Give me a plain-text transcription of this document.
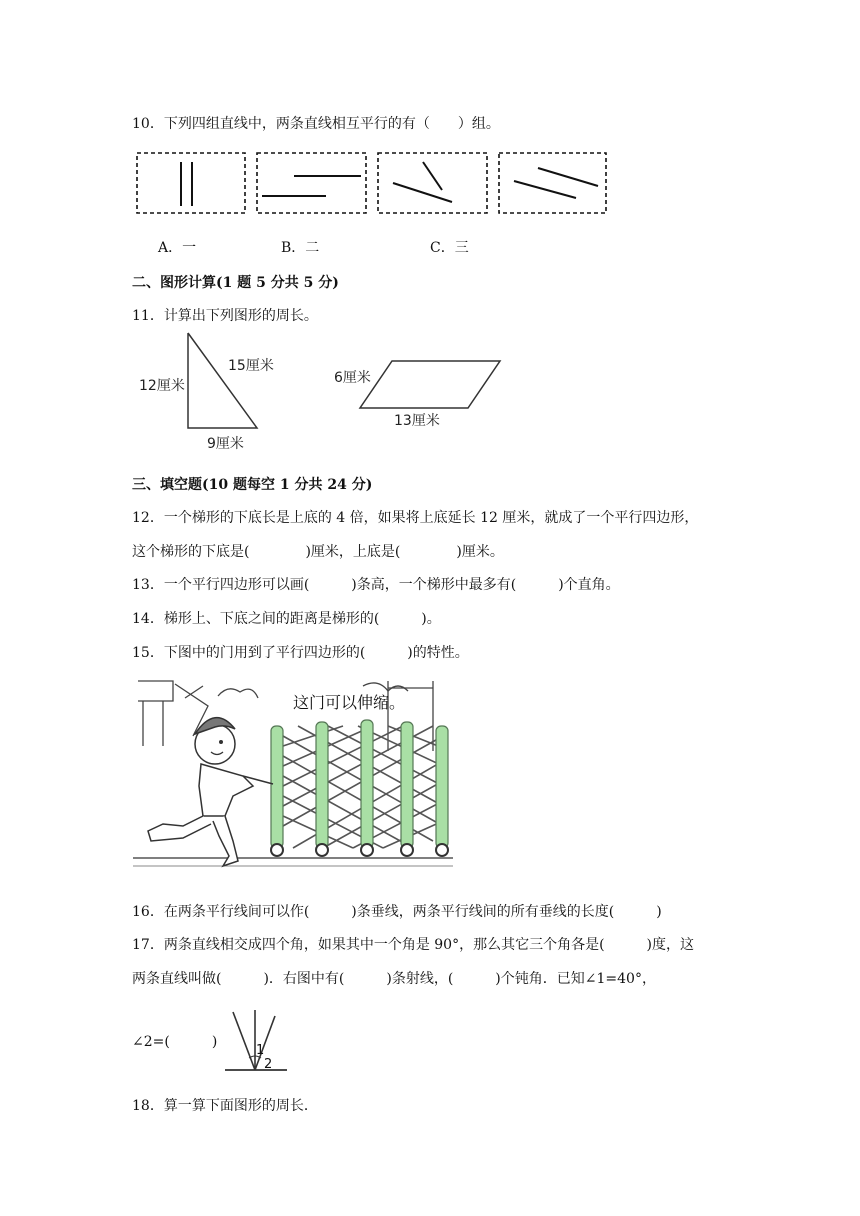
10．下列四组直线中，两条直线相互平行的有（　　）组。
A．一	B．二	C．三
二、图形计算(1 题 5 分共 5 分)
11．计算出下列图形的周长。
12厘米
15厘米
9厘米
6厘米
13厘米
三、填空题(10 题每空 1 分共 24 分)
12．一个梯形的下底长是上底的 4 倍，如果将上底延长 12 厘米，就成了一个平行四边形，
这个梯形的下底是(　　　　)厘米，上底是(　　　　)厘米。
13．一个平行四边形可以画(　　　)条高，一个梯形中最多有(　　　)个直角。
14．梯形上、下底之间的距离是梯形的(　　　)。
15．下图中的门用到了平行四边形的(　　　)的特性。
这门可以伸缩。
16．在两条平行线间可以作(　　　)条垂线，两条平行线间的所有垂线的长度(　　　)
17．两条直线相交成四个角，如果其中一个角是 90°，那么其它三个角各是(　　　)度，这
两条直线叫做(　　　)．右图中有(　　　)条射线，(　　　)个钝角．已知∠1=40°，
∠2=(　　　)
1
2
18．算一算下面图形的周长．
